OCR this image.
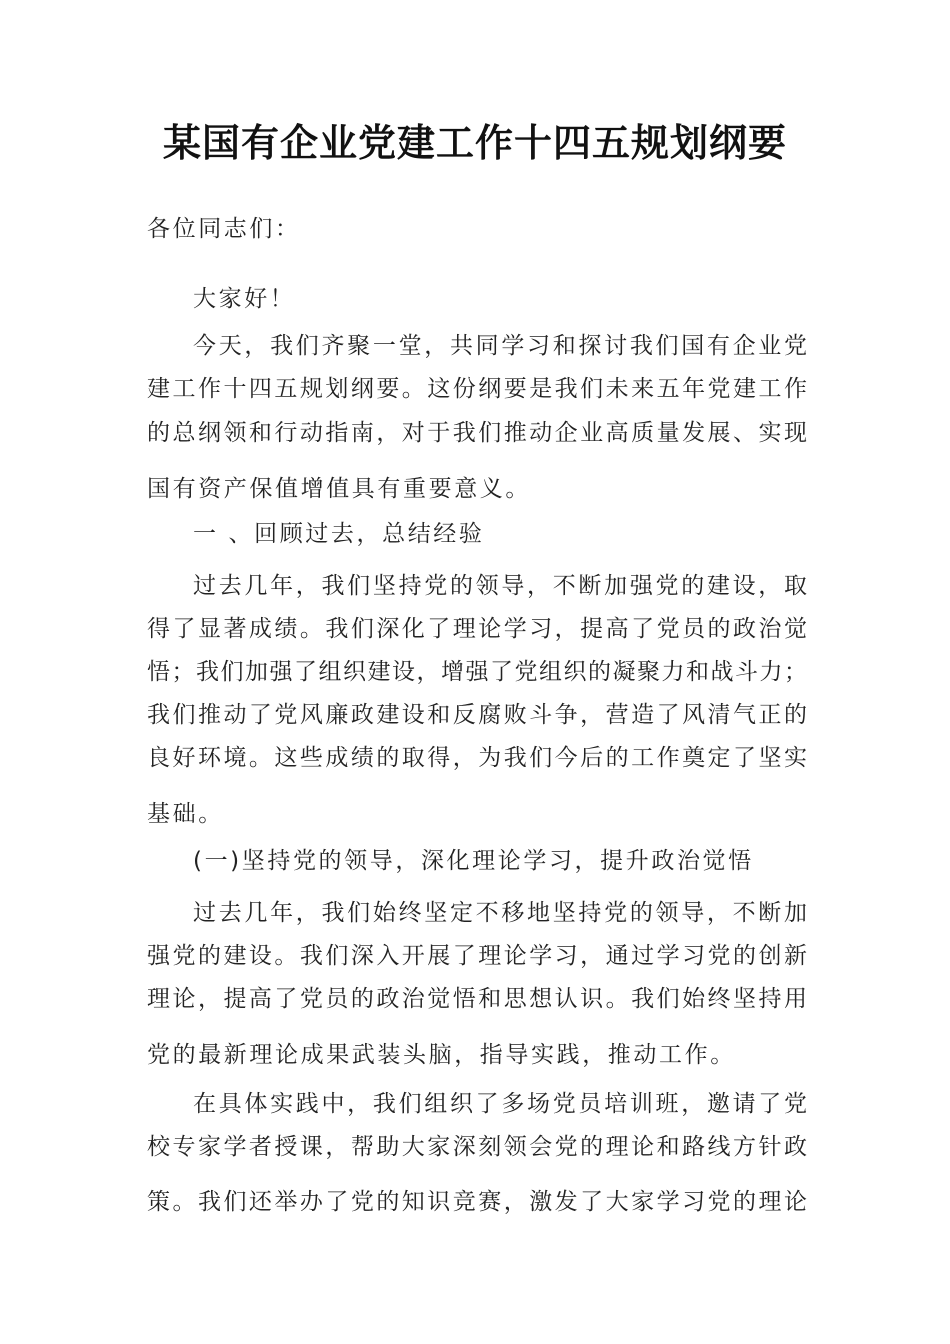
某国有企业党建工作十四五规划纲要
各位同志们：
大家好！
今天，我们齐聚一堂，共同学习和探讨我们国有企业党
建工作十四五规划纲要。这份纲要是我们未来五年党建工作
的总纲领和行动指南，对于我们推动企业高质量发展、实现
国有资产保值增值具有重要意义。
一 、回顾过去，总结经验
过去几年，我们坚持党的领导，不断加强党的建设，取
得了显著成绩。我们深化了理论学习，提高了党员的政治觉
悟；我们加强了组织建设，增强了党组织的凝聚力和战斗力；
我们推动了党风廉政建设和反腐败斗争，营造了风清气正的
良好环境。这些成绩的取得，为我们今后的工作奠定了坚实
基础。
(一)坚持党的领导，深化理论学习，提升政治觉悟
过去几年，我们始终坚定不移地坚持党的领导，不断加
强党的建设。我们深入开展了理论学习，通过学习党的创新
理论，提高了党员的政治觉悟和思想认识。我们始终坚持用
党的最新理论成果武装头脑，指导实践，推动工作。
在具体实践中，我们组织了多场党员培训班，邀请了党
校专家学者授课，帮助大家深刻领会党的理论和路线方针政
策。我们还举办了党的知识竞赛，激发了大家学习党的理论
